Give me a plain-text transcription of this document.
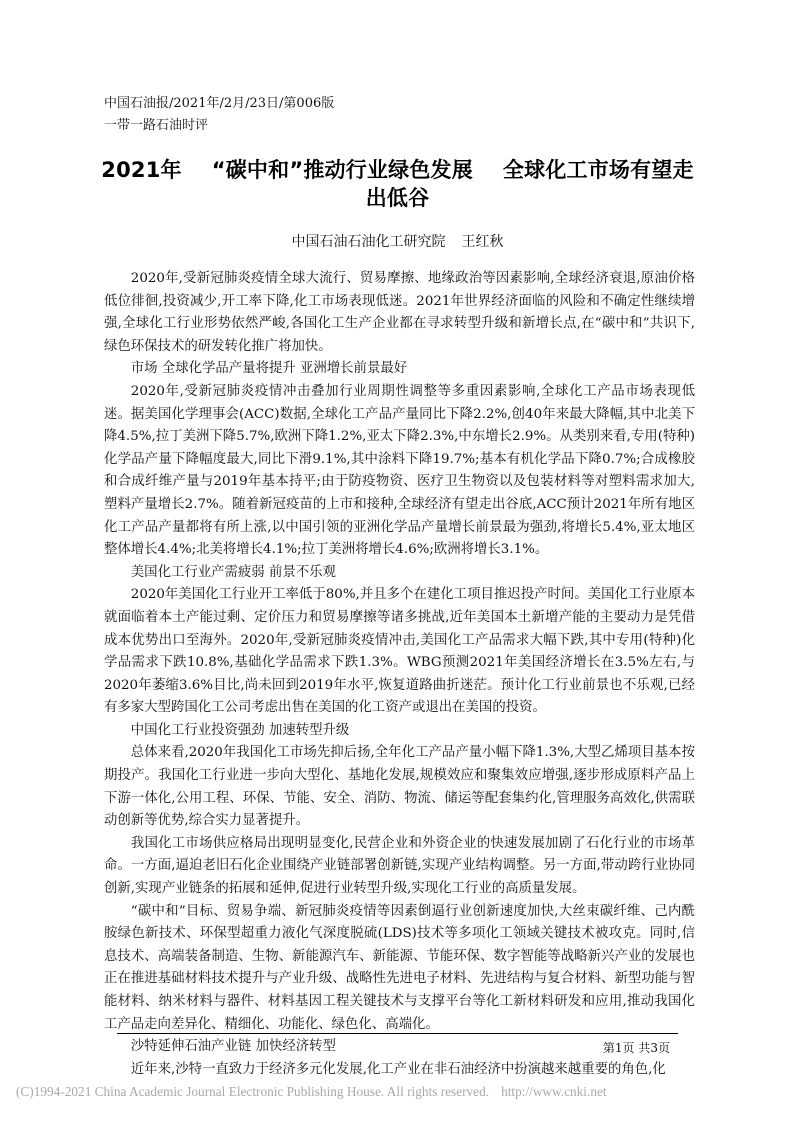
中国石油报/2021年/2月/23日/第006版
一带一路石油时评
2021年 “碳中和”推动行业绿色发展 全球化工市场有望走出低谷
中国石油石油化工研究院 王红秋

2020年,受新冠肺炎疫情全球大流行、贸易摩擦、地缘政治等因素影响,全球经济衰退,原油价格低位徘徊,投资减少,开工率下降,化工市场表现低迷。2021年世界经济面临的风险和不确定性继续增强,全球化工行业形势依然严峻,各国化工生产企业都在寻求转型升级和新增长点,在“碳中和”共识下,绿色环保技术的研发转化推广将加快。

市场 全球化学品产量将提升 亚洲增长前景最好

2020年,受新冠肺炎疫情冲击叠加行业周期性调整等多重因素影响,全球化工产品市场表现低迷。据美国化学理事会(ACC)数据,全球化工产品产量同比下降2.2%,创40年来最大降幅,其中北美下降4.5%,拉丁美洲下降5.7%,欧洲下降1.2%,亚太下降2.3%,中东增长2.9%。从类别来看,专用(特种)化学品产量下降幅度最大,同比下滑9.1%,其中涂料下降19.7%;基本有机化学品下降0.7%;合成橡胶和合成纤维产量与2019年基本持平;由于防疫物资、医疗卫生物资以及包装材料等对塑料需求加大,塑料产量增长2.7%。随着新冠疫苗的上市和接种,全球经济有望走出谷底,ACC预计2021年所有地区化工产品产量都将有所上涨,以中国引领的亚洲化学品产量增长前景最为强劲,将增长5.4%,亚太地区整体增长4.4%;北美将增长4.1%;拉丁美洲将增长4.6%;欧洲将增长3.1%。

美国化工行业产需疲弱 前景不乐观

2020年美国化工行业开工率低于80%,并且多个在建化工项目推迟投产时间。美国化工行业原本就面临着本土产能过剩、定价压力和贸易摩擦等诸多挑战,近年美国本土新增产能的主要动力是凭借成本优势出口至海外。2020年,受新冠肺炎疫情冲击,美国化工产品需求大幅下跌,其中专用(特种)化学品需求下跌10.8%,基础化学品需求下跌1.3%。WBG预测2021年美国经济增长在3.5%左右,与2020年萎缩3.6%目比,尚未回到2019年水平,恢复道路曲折迷茫。预计化工行业前景也不乐观,已经有多家大型跨国化工公司考虑出售在美国的化工资产或退出在美国的投资。

中国化工行业投资强劲 加速转型升级

总体来看,2020年我国化工市场先抑后扬,全年化工产品产量小幅下降1.3%,大型乙烯项目基本按期投产。我国化工行业进一步向大型化、基地化发展,规模效应和聚集效应增强,逐步形成原料产品上下游一体化,公用工程、环保、节能、安全、消防、物流、储运等配套集约化,管理服务高效化,供需联动创新等优势,综合实力显著提升。

我国化工市场供应格局出现明显变化,民营企业和外资企业的快速发展加剧了石化行业的市场革命。一方面,逼迫老旧石化企业围绕产业链部署创新链,实现产业结构调整。另一方面,带动跨行业协同创新,实现产业链条的拓展和延伸,促进行业转型升级,实现化工行业的高质量发展。

“碳中和”目标、贸易争端、新冠肺炎疫情等因素倒逼行业创新速度加快,大丝束碳纤维、己内酰胺绿色新技术、环保型超重力液化气深度脱硫(LDS)技术等多项化工领域关键技术被攻克。同时,信息技术、高端装备制造、生物、新能源汽车、新能源、节能环保、数字智能等战略新兴产业的发展也正在推进基础材料技术提升与产业升级、战略性先进电子材料、先进结构与复合材料、新型功能与智能材料、纳米材料与器件、材料基因工程关键技术与支撑平台等化工新材料研发和应用,推动我国化工产品走向差异化、精细化、功能化、绿色化、高端化。

沙特延伸石油产业链 加快经济转型

近年来,沙特一直致力于经济多元化发展,化工产业在非石油经济中扮演越来越重要的角色,化

第1页 共3页
(C)1994-2021 China Academic Journal Electronic Publishing House. All rights reserved. http://www.cnki.net
